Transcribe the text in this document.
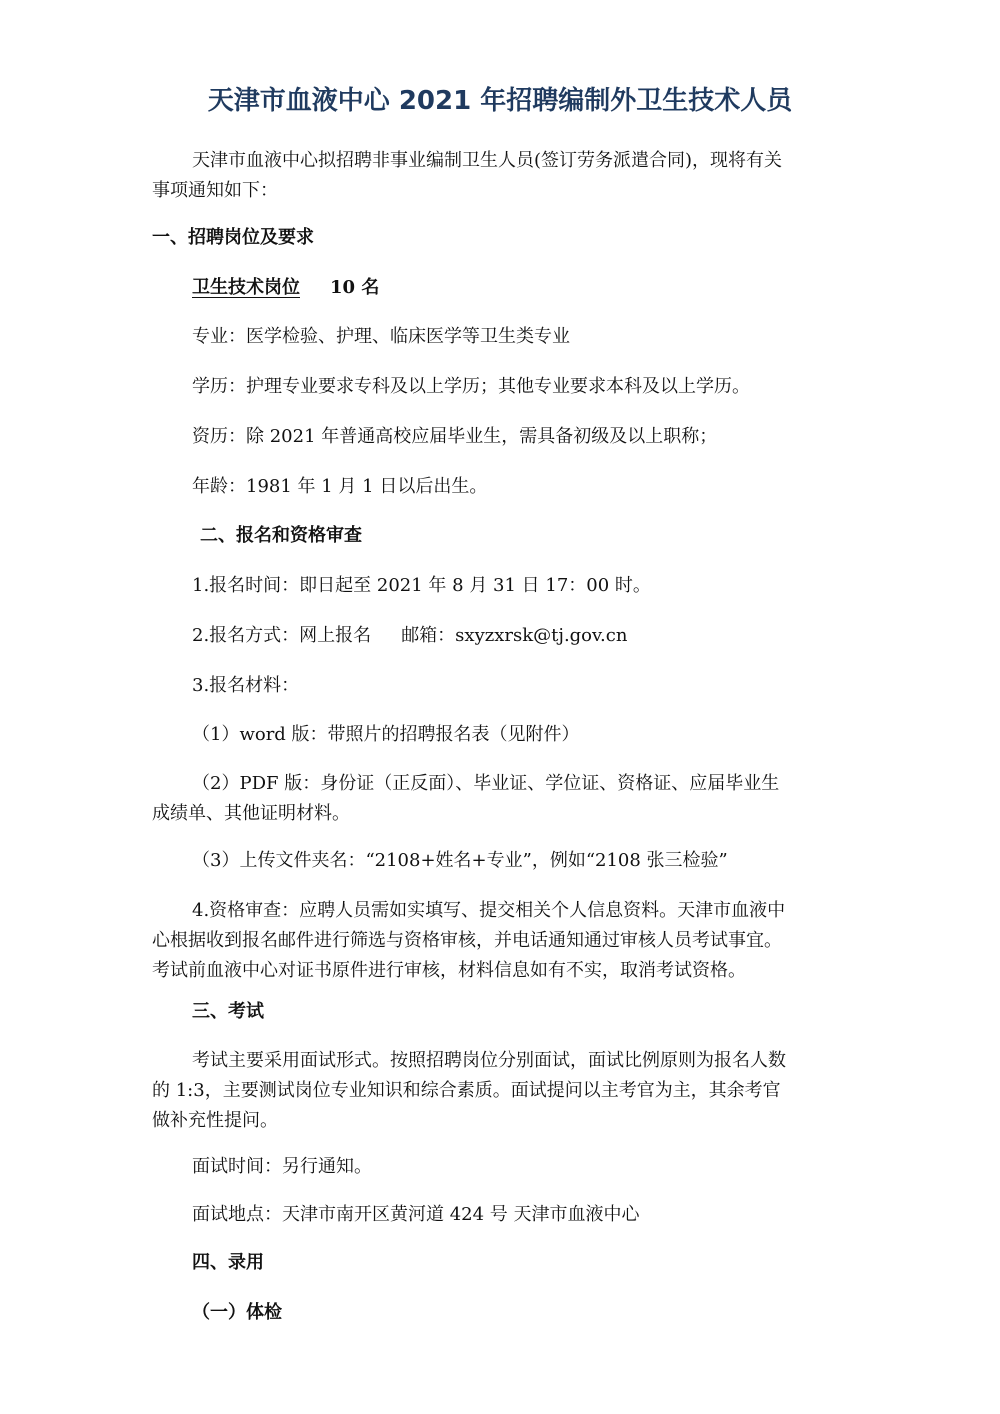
天津市血液中心 2021 年招聘编制外卫生技术人员
天津市血液中心拟招聘非事业编制卫生人员(签订劳务派遣合同)，现将有关
事项通知如下：
一、招聘岗位及要求
卫生技术岗位 10 名
专业：医学检验、护理、临床医学等卫生类专业
学历：护理专业要求专科及以上学历；其他专业要求本科及以上学历。
资历：除 2021 年普通高校应届毕业生，需具备初级及以上职称；
年龄：1981 年 1 月 1 日以后出生。
二、报名和资格审查
1.报名时间：即日起至 2021 年 8 月 31 日 17：00 时。
2.报名方式：网上报名 邮箱：sxyzxrsk@tj.gov.cn
3.报名材料：
（1）word 版：带照片的招聘报名表（见附件）
（2）PDF 版：身份证（正反面）、毕业证、学位证、资格证、应届毕业生
成绩单、其他证明材料。
（3）上传文件夹名：“2108+姓名+专业”，例如“2108 张三检验”
4.资格审查：应聘人员需如实填写、提交相关个人信息资料。天津市血液中
心根据收到报名邮件进行筛选与资格审核，并电话通知通过审核人员考试事宜。
考试前血液中心对证书原件进行审核，材料信息如有不实，取消考试资格。
三、考试
考试主要采用面试形式。按照招聘岗位分别面试，面试比例原则为报名人数
的 1:3，主要测试岗位专业知识和综合素质。面试提问以主考官为主，其余考官
做补充性提问。
面试时间：另行通知。
面试地点：天津市南开区黄河道 424 号 天津市血液中心
四、录用
（一）体检
